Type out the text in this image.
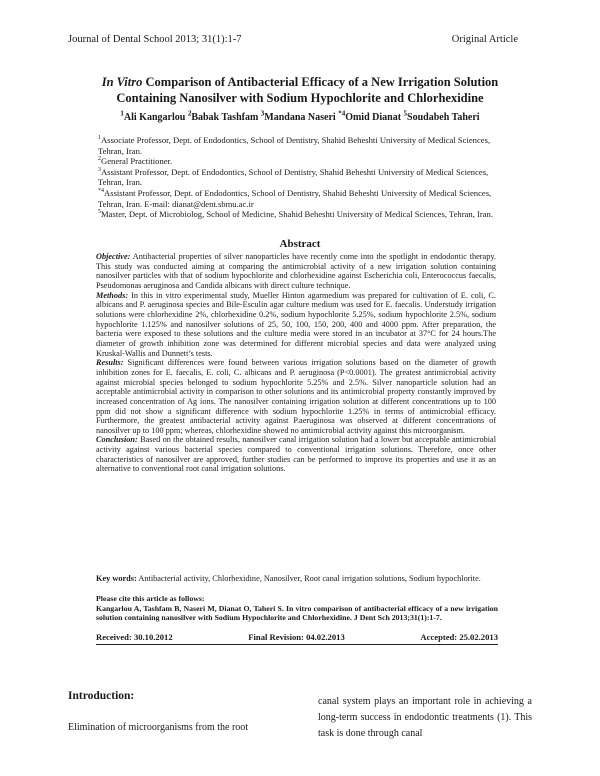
Journal of Dental School 2013; 31(1):1-7	Original Article
In Vitro Comparison of Antibacterial Efficacy of a New Irrigation Solution
Containing Nanosilver with Sodium Hypochlorite and Chlorhexidine
$^1$Ali Kangarlou $^2$Babak Tashfam $^3$Mandana Naseri $^{*4}$Omid Dianat $^5$Soudabeh Taheri

$^1$Associate Professor, Dept. of Endodontics, School of Dentistry, Shahid Beheshti University of Medical Sciences, Tehran, Iran.

$^2$General Practitioner.

$^3$Assistant Professor, Dept. of Endodontics, School of Dentistry, Shahid Beheshti University of Medical Sciences, Tehran, Iran.

$^{*4}$Assistant Professor, Dept. of Endodontics, School of Dentistry, Shahid Beheshti University of Medical Sciences, Tehran, Iran. E-mail: dianat@dent.sbmu.ac.ir

$^5$Master, Dept. of Microbiolog, School of Medicine, Shahid Beheshti University of Medical Sciences, Tehran, Iran.

Abstract

Objective: Antibacterial properties of silver nanoparticles have recently come into the spotlight in endodontic therapy. This study was conducted aiming at comparing the antimicrobial activity of a new irrigation solution containing nanosilver particles with that of sodium hypochlorite and chlorhexidine against Escherichia coli, Enterococcus faecalis, Pseudomonas aeruginosa and Candida albicans with direct culture technique.

Methods: In this in vitro experimental study, Mueller Hinton agarmedium was prepared for cultivation of E. coli, C. albicans and P. aeruginosa species and Bile-Esculin agar culture medium was used for E. faecalis. Understudy irrigation solutions were chlorhexidine 2%, chlorhexidine 0.2%, sodium hypochlorite 5.25%, sodium hypochlorite 2.5%, sodium hypochlorite 1.125% and nanosilver solutions of 25, 50, 100, 150, 200, 400 and 4000 ppm. After preparation, the bacteria were exposed to these solutions and the culture media were stored in an incubator at 37°C for 24 hours.The diameter of growth inhibition zone was determined for different microbial species and data were analyzed using Kruskal-Wallis and Dunnett’s tests.

Results: Significant differences were found between various irrigation solutions based on the diameter of growth inhibition zones for E. faecalis, E. coli, C. albicans and P. aeruginosa (P<0.0001). The greatest antimicrobial activity against microbial species belonged to sodium hypochlorite 5.25% and 2.5%. Silver nanoparticle solution had an acceptable antimicrobial activity in comparison to other solutions and its antimicrobial property constantly improved by increased concentration of Ag ions. The nanosilver containing irrigation solution at different concentrations up to 100 ppm did not show a significant difference with sodium hypochlorite 1.25% in terms of antimicrobial efficacy. Furthermore, the greatest antibacterial activity against P.aeruginosa was observed at different concentrations of nanosilver up to 100 ppm; whereas, chlorhexidine showed no antimicrobial activity against this microorganism.

Conclusion: Based on the obtained results, nanosilver canal irrigation solution had a lower but acceptable antimicrobial activity against various bacterial species compared to conventional irrigation solutions. Therefore, once other characteristics of nanosilver are approved, further studies can be performed to improve its properties and use it as an alternative to conventional root canal irrigation solutions.

Key words: Antibacterial activity, Chlorhexidine, Nanosilver, Root canal irrigation solutions, Sodium hypochlorite.

Please cite this article as follows:
Kangarlou A, Tashfam B, Naseri M, Dianat O, Taheri S. In vitro comparison of antibacterial efficacy of a new irrigation solution containing nanosilver with Sodium Hypochlorite and Chlorhexidine. J Dent Sch 2013;31(1):1-7.
Received: 30.10.2012	Final Revision: 04.02.2013	Accepted: 25.02.2013
Introduction:
Elimination of microorganisms from the root
canal system plays an important role in achieving a long-term success in endodontic treatments (1). This task is done through canal
